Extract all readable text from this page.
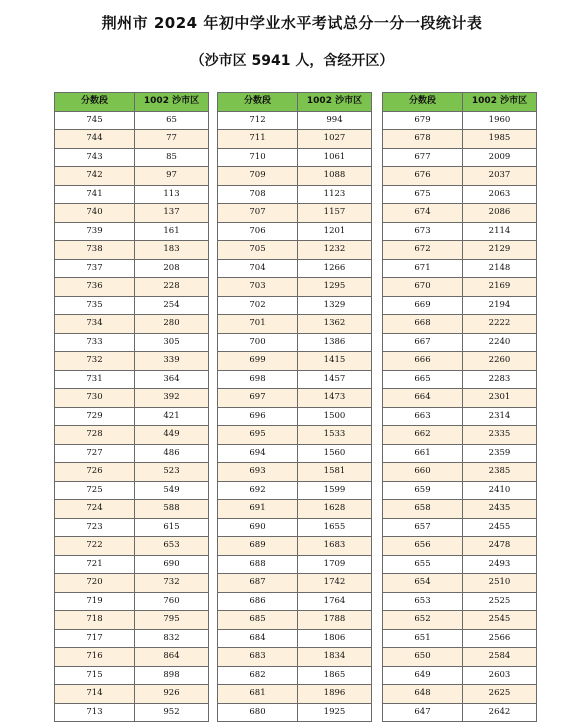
荆州市 2024 年初中学业水平考试总分一分一段统计表
（沙市区 5941 人，含经开区）
分数段	1002 沙市区
745	65
744	77
743	85
742	97
741	113
740	137
739	161
738	183
737	208
736	228
735	254
734	280
733	305
732	339
731	364
730	392
729	421
728	449
727	486
726	523
725	549
724	588
723	615
722	653
721	690
720	732
719	760
718	795
717	832
716	864
715	898
714	926
713	952
分数段	1002 沙市区
712	994
711	1027
710	1061
709	1088
708	1123
707	1157
706	1201
705	1232
704	1266
703	1295
702	1329
701	1362
700	1386
699	1415
698	1457
697	1473
696	1500
695	1533
694	1560
693	1581
692	1599
691	1628
690	1655
689	1683
688	1709
687	1742
686	1764
685	1788
684	1806
683	1834
682	1865
681	1896
680	1925
分数段	1002 沙市区
679	1960
678	1985
677	2009
676	2037
675	2063
674	2086
673	2114
672	2129
671	2148
670	2169
669	2194
668	2222
667	2240
666	2260
665	2283
664	2301
663	2314
662	2335
661	2359
660	2385
659	2410
658	2435
657	2455
656	2478
655	2493
654	2510
653	2525
652	2545
651	2566
650	2584
649	2603
648	2625
647	2642
